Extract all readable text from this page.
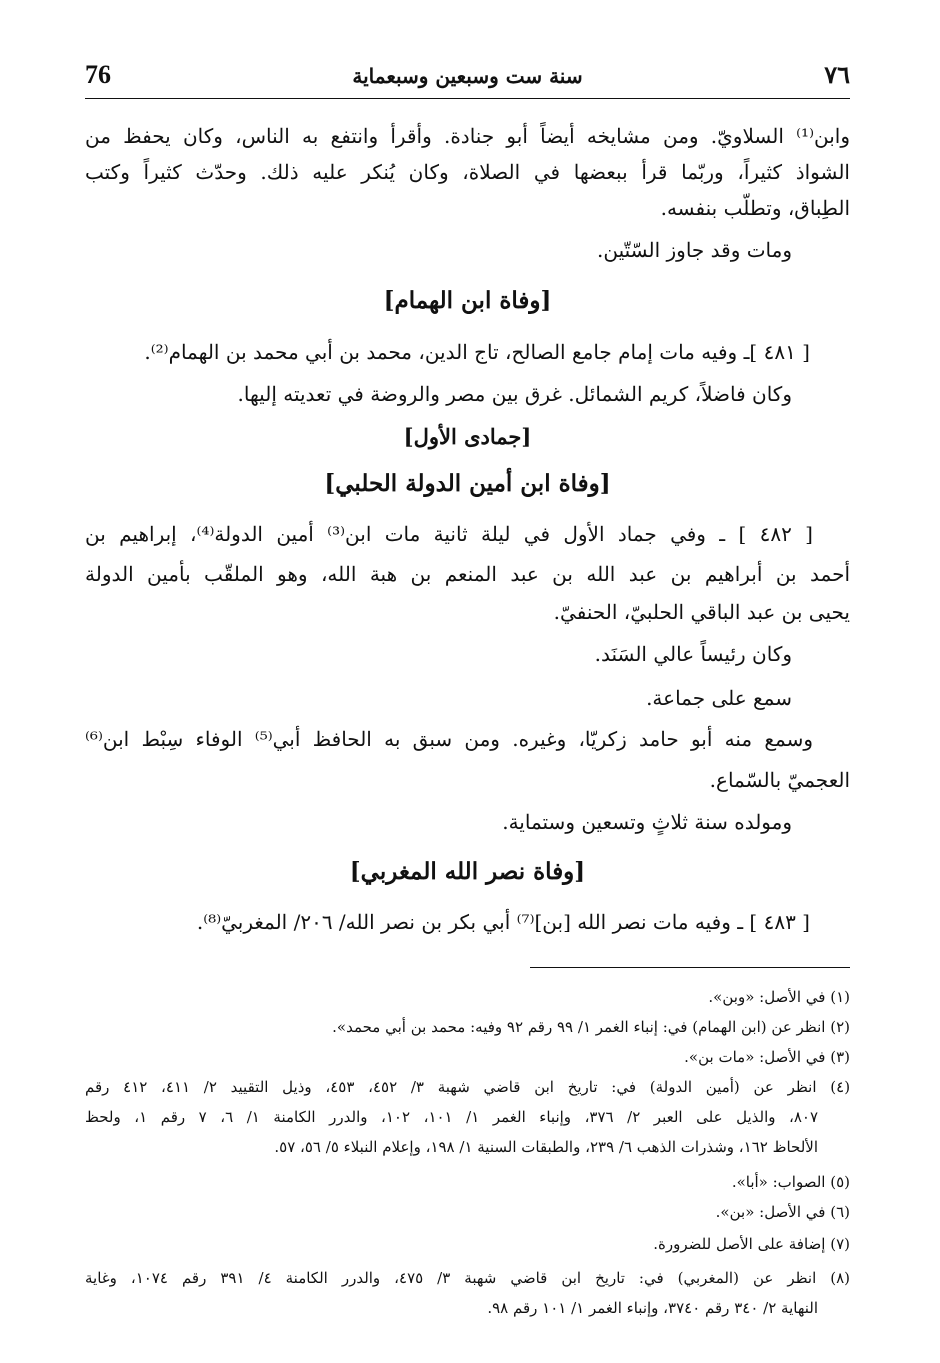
76	سنة ست وسبعين وسبعماية	٧٦
وابن⁽¹⁾ السلاويّ. ومن مشايخه أيضاً أبو جنادة. وأقرأ وانتفع به الناس، وكان يحفظ من
الشواذ كثيراً، وربّما قرأ ببعضها في الصلاة، وكان يُنكر عليه ذلك. وحدّث كثيراً وكتب
الطِباق، وتطلّب بنفسه.
ومات وقد جاوز السّتّين.
[وفاة ابن الهمام]
[ ٤٨١ ]ـ وفيه مات إمام جامع الصالح، تاج الدين، محمد بن أبي محمد بن الهمام⁽²⁾.
وكان فاضلاً، كريم الشمائل. غرق بين مصر والروضة في تعديته إليها.
[جمادى الأول]
[وفاة ابن أمين الدولة الحلبي]
[ ٤٨٢ ] ـ وفي جماد الأول في ليلة ثانية مات ابن⁽³⁾ أمين الدولة⁽⁴⁾، إبراهيم بن
أحمد بن أبراهيم بن عبد الله بن عبد المنعم بن هبة الله، وهو الملقّب بأمين الدولة
يحيى بن عبد الباقي الحلبيّ، الحنفيّ.
وكان رئيساً عالي السَنَد.
سمع على جماعة.
وسمع منه أبو حامد زكريّا، وغيره. ومن سبق به الحافظ أبي⁽⁵⁾ الوفاء سِبْط ابن⁽⁶⁾
العجميّ بالسّماع.
ومولده سنة ثلاثٍ وتسعين وستماية.
[وفاة نصر الله المغربي]
[ ٤٨٣ ] ـ وفيه مات نصر الله [بن]⁽⁷⁾ أبي بكر بن نصر الله/ ٢٠٦/ المغربيّ⁽⁸⁾.
(١) في الأصل: «وبن».
(٢) انظر عن (ابن الهمام) في: إنباء الغمر ١/ ٩٩ رقم ٩٢ وفيه: محمد بن أبي محمد».
(٣) في الأصل: «مات بن».
(٤) انظر عن (أمين الدولة) في: تاريخ ابن قاضي شهبة ٣/ ٤٥٢، ٤٥٣، وذيل التقييد ٢/ ٤١١، ٤١٢ رقم
٨٠٧، والذيل على العبر ٢/ ٣٧٦، وإنباء الغمر ١/ ١٠١، ١٠٢، والدرر الكامنة ١/ ٦، ٧ رقم ١، ولحظ
الألحاظ ١٦٢، وشذرات الذهب ٦/ ٢٣٩، والطبقات السنية ١/ ١٩٨، وإعلام النبلاء ٥/ ٥٦، ٥٧.
(٥) الصواب: «أبا».
(٦) في الأصل: «بن».
(٧) إضافة على الأصل للضرورة.
(٨) انظر عن (المغربي) في: تاريخ ابن قاضي شهبة ٣/ ٤٧٥، والدرر الكامنة ٤/ ٣٩١ رقم ١٠٧٤، وغاية
النهاية ٢/ ٣٤٠ رقم ٣٧٤٠، وإنباء الغمر ١/ ١٠١ رقم ٩٨.
